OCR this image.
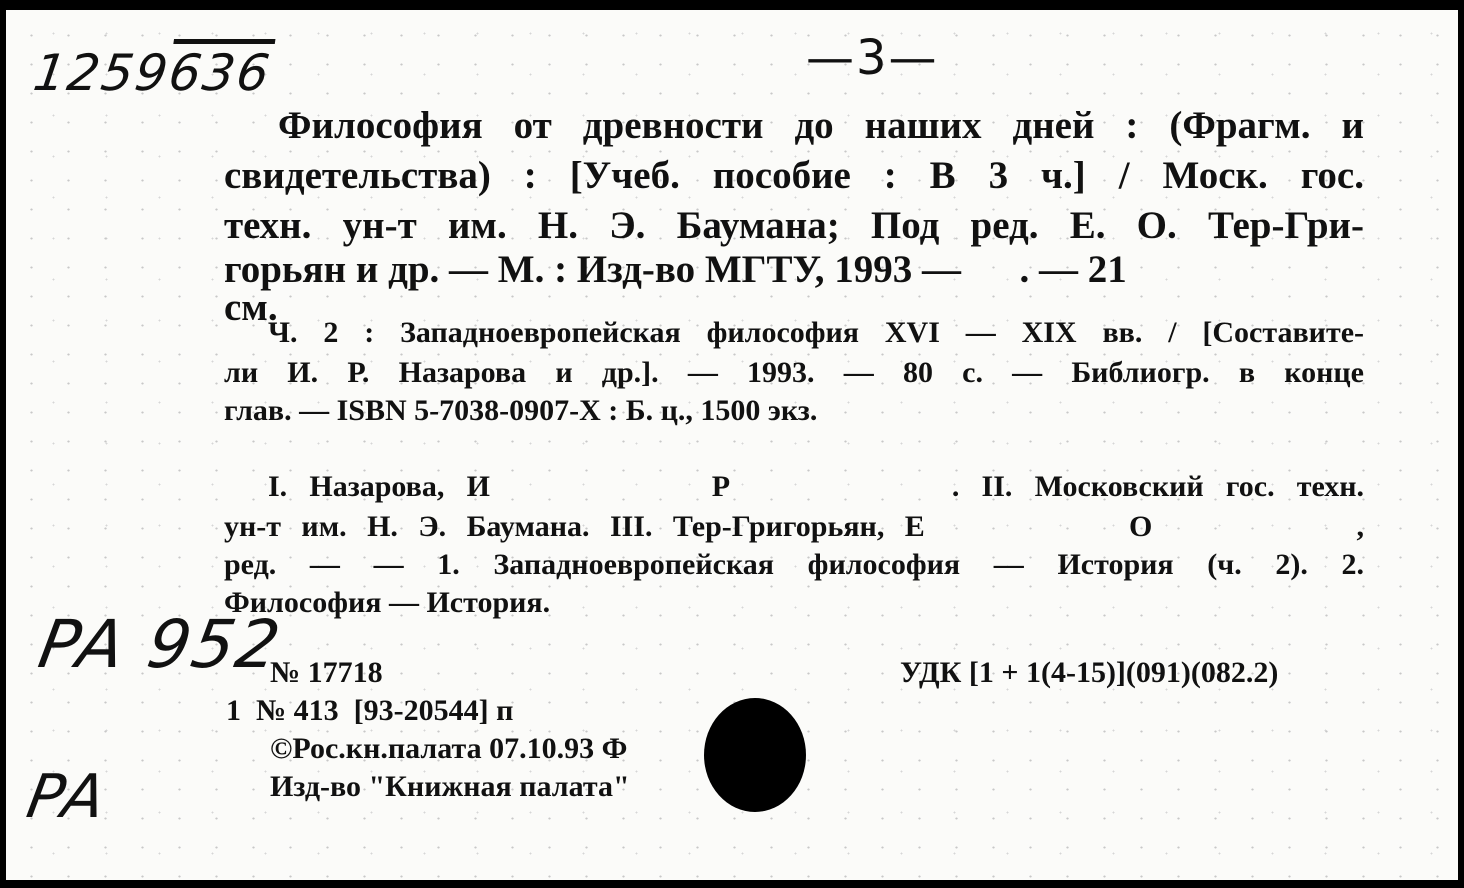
1259636	—3—
Философия от древности до наших дней : (Фрагм. и
свидетельства) : [Учеб. пособие : В 3 ч.] / Моск. гос.
техн. ун-т им. Н. Э. Баумана; Под ред. Е. О. Тер-Гри-
горьян и др. — М. : Изд-во МГТУ, 1993 —      . — 21
см.
Ч. 2 : Западноевропейская философия XVI — XIX вв. / [Составите-
ли И. Р. Назарова и др.]. — 1993. — 80 с. — Библиогр. в конце
глав. — ISBN 5-7038-0907-X : Б. ц., 1500 экз.
I. Назарова, И          Р          . II. Московский гос. техн.
ун-т им. Н. Э. Баумана. III. Тер-Григорьян, Е          О          ,
ред. — — 1. Западноевропейская философия — История (ч. 2). 2.
Философия — История.
PA 952
PA
№ 17718	УДК [1 + 1(4-15)](091)(082.2)
1  № 413  [93-20544] п
©Рос.кн.палата 07.10.93 Ф
Изд-во "Книжная палата"
